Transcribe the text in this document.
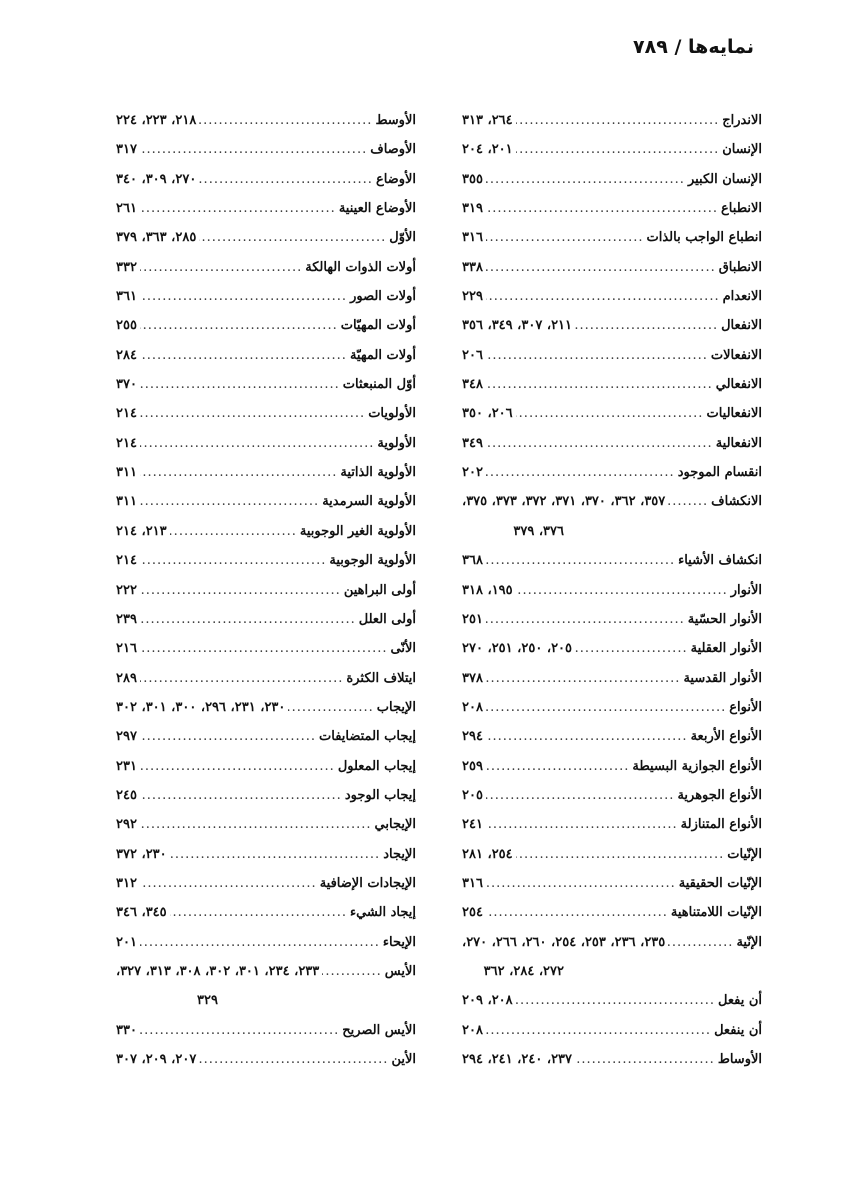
نمايه‌ها / ٧٨٩
الاندراج
.....
٢٦٤، ٣١٣
الإنسان
.....
٢٠١، ٢٠٤
الإنسان الكبير
.....
٣٥٥
الانطباع
.....
٣١٩
انطباع الواجب بالذات
.....
٣١٦
الانطباق
.....
٣٣٨
الانعدام
.....
٢٢٩
الانفعال
.....
٢١١، ٣٠٧، ٣٤٩، ٣٥٦
الانفعالات
.....
٢٠٦
الانفعالي
.....
٣٤٨
الانفعاليات
.....
٢٠٦، ٣٥٠
الانفعالية
.....
٣٤٩
انقسام الموجود
.....
٢٠٢
الانكشاف
.....
٣٥٧، ٣٦٢، ٣٧٠، ٣٧١، ٣٧٢، ٣٧٣، ٣٧٥،
٣٧٦، ٣٧٩
انكشاف الأشياء
.....
٣٦٨
الأنوار
.....
١٩٥، ٣١٨
الأنوار الحسّية
.....
٢٥١
الأنوار العقلية
.....
٢٠٥، ٢٥٠، ٢٥١، ٢٧٠
الأنوار القدسية
.....
٣٧٨
الأنواع
.....
٢٠٨
الأنواع الأربعة
.....
٢٩٤
الأنواع الجوازية البسيطة
.....
٢٥٩
الأنواع الجوهرية
.....
٢٠٥
الأنواع المتنازلة
.....
٢٤١
الإنّيات
.....
٢٥٤، ٢٨١
الإنّيات الحقيقية
.....
٣١٦
الإنّيات اللامتناهية
.....
٢٥٤
الإنّية
.....
٢٣٥، ٢٣٦، ٢٥٣، ٢٥٤، ٢٦٠، ٢٦٦، ٢٧٠،
٢٧٢، ٢٨٤، ٣٦٢
أن يفعل
.....
٢٠٨، ٢٠٩
أن ينفعل
.....
٢٠٨
الأوساط
.....
٢٣٧، ٢٤٠، ٢٤١، ٢٩٤
الأوسط
.....
٢١٨، ٢٢٣، ٢٢٤
الأوصاف
.....
٣١٧
الأوضاع
.....
٢٧٠، ٣٠٩، ٣٤٠
الأوضاع العينية
.....
٢٦١
الأوّل
.....
٢٨٥، ٣٦٣، ٣٧٩
أولات الذوات الهالكة
.....
٣٣٢
أولات الصور
.....
٣٦١
أولات المهيّات
.....
٢٥٥
أولات المهيّة
.....
٢٨٤
أوّل المنبعثات
.....
٣٧٠
الأولويات
.....
٢١٤
الأولوية
.....
٢١٤
الأولوية الذاتية
.....
٣١١
الأولوية السرمدية
.....
٣١١
الأولوية الغير الوجوبية
.....
٢١٣، ٢١٤
الأولوية الوجوبية
.....
٢١٤
أولى البراهين
.....
٢٢٢
أولى العلل
.....
٢٣٩
الأنّى
.....
٢١٦
ايتلاف الكثرة
.....
٢٨٩
الإيجاب
.....
٢٣٠، ٢٣١، ٢٩٦، ٣٠٠، ٣٠١، ٣٠٢
إيجاب المتضايفات
.....
٢٩٧
إيجاب المعلول
.....
٢٣١
إيجاب الوجود
.....
٢٤٥
الإيجابي
.....
٢٩٢
الإيجاد
.....
٢٣٠، ٣٧٢
الإيجادات الإضافية
.....
٣١٢
إيجاد الشيء
.....
٣٤٥، ٣٤٦
الإيحاء
.....
٢٠١
الأيس
.....
٢٣٣، ٢٣٤، ٣٠١، ٣٠٢، ٣٠٨، ٣١٣، ٣٢٧،
٣٢٩
الأيس الصريح
.....
٣٣٠
الأين
.....
٢٠٧، ٢٠٩، ٣٠٧
